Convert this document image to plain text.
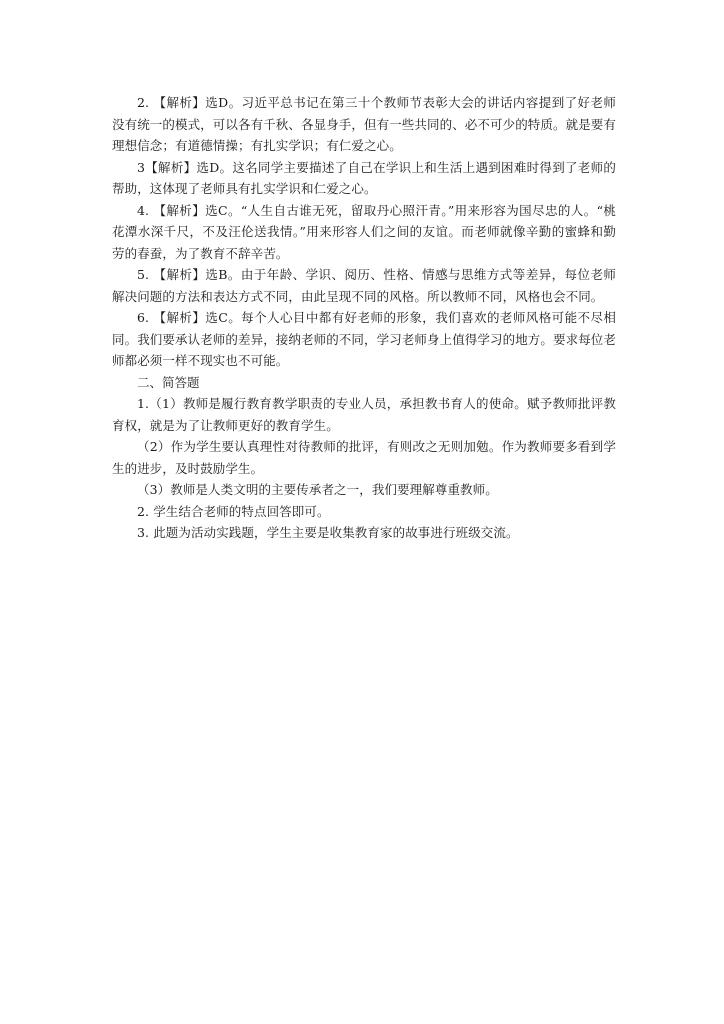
2. 【解析】选D。习近平总书记在第三十个教师节表彰大会的讲话内容提到了好老师没有统一的模式，可以各有千秋、各显身手，但有一些共同的、必不可少的特质。就是要有理想信念；有道德情操；有扎实学识；有仁爱之心。

3【解析】选D。这名同学主要描述了自己在学识上和生活上遇到困难时得到了老师的帮助，这体现了老师具有扎实学识和仁爱之心。

4. 【解析】选C。“人生自古谁无死，留取丹心照汗青。”用来形容为国尽忠的人。“桃花潭水深千尺，不及汪伦送我情。”用来形容人们之间的友谊。而老师就像辛勤的蜜蜂和勤劳的春蚕，为了教育不辞辛苦。

5. 【解析】选B。由于年龄、学识、阅历、性格、情感与思维方式等差异，每位老师解决问题的方法和表达方式不同，由此呈现不同的风格。所以教师不同，风格也会不同。

6. 【解析】选C。每个人心目中都有好老师的形象，我们喜欢的老师风格可能不尽相同。我们要承认老师的差异，接纳老师的不同，学习老师身上值得学习的地方。要求每位老师都必须一样不现实也不可能。

二、简答题

1.（1）教师是履行教育教学职责的专业人员，承担教书育人的使命。赋予教师批评教育权，就是为了让教师更好的教育学生。

（2）作为学生要认真理性对待教师的批评，有则改之无则加勉。作为教师要多看到学生的进步，及时鼓励学生。

（3）教师是人类文明的主要传承者之一，我们要理解尊重教师。

2. 学生结合老师的特点回答即可。

3. 此题为活动实践题，学生主要是收集教育家的故事进行班级交流。
